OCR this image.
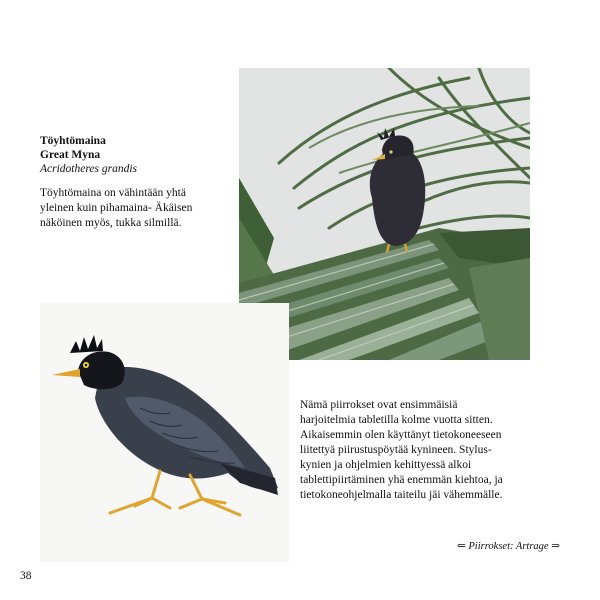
Töyhtömaina
Great Myna
Acridotheres grandis
Töyhtömaina on vähintään yhtä
yleinen kuin pihamaina- Äkäisen
näköinen myös, tukka silmillä.
Nämä piirrokset ovat ensimmäisiä
harjoitelmia tabletilla kolme vuotta sitten.
Aikaisemmin olen käyttänyt tietokoneeseen
liitettyä piirustuspöytää kynineen. Stylus-
kynien ja ohjelmien kehittyessä alkoi
tablettipiirtäminen yhä enemmän kiehtoa, ja
tietokoneohjelmalla taiteilu jäi vähemmälle.
⇐ Piirrokset: Artrage ⇒
38
